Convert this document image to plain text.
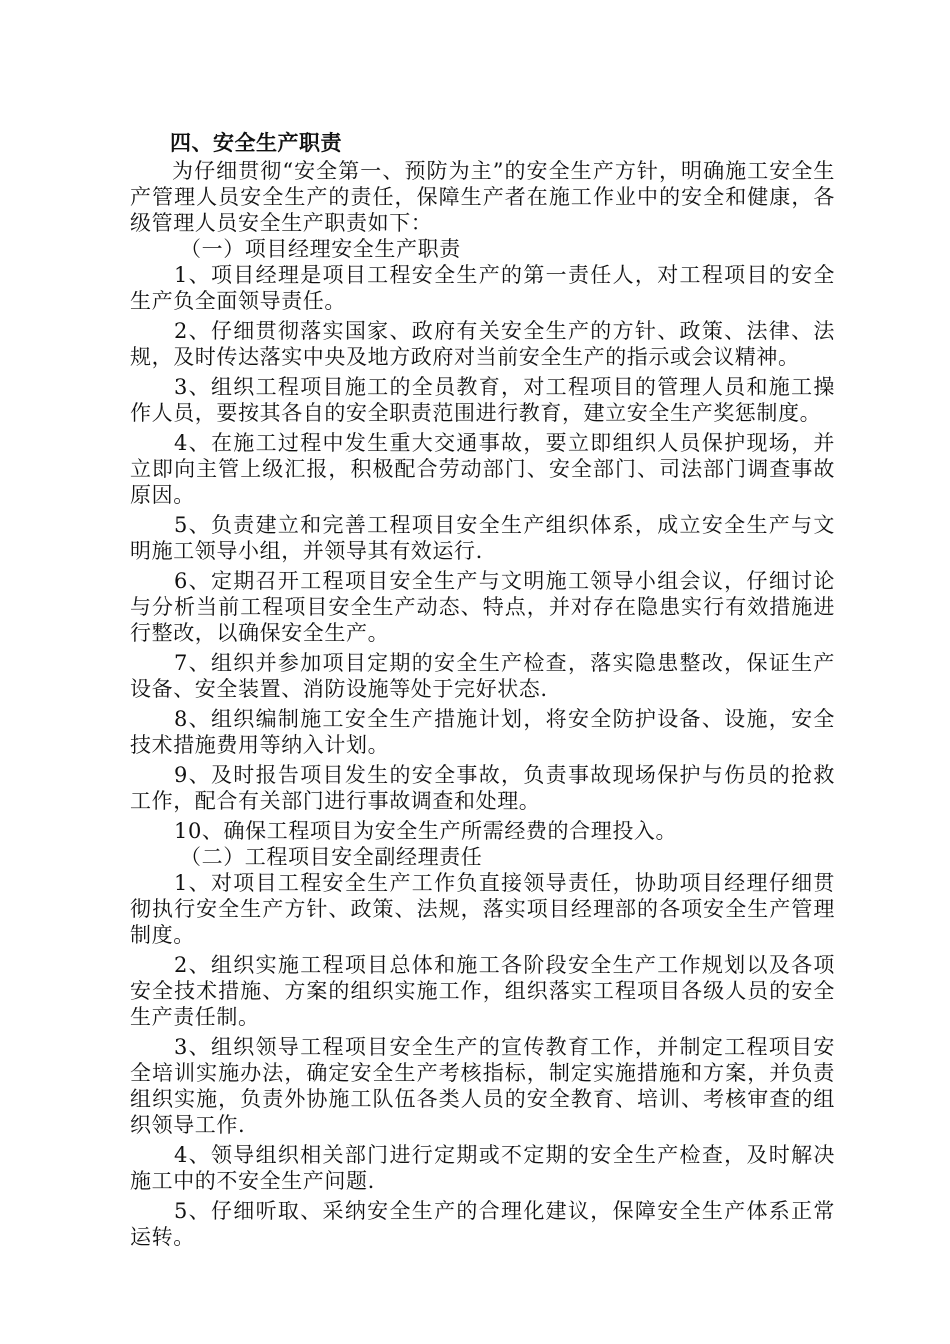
四、安全生产职责

为仔细贯彻“安全第一、预防为主”的安全生产方针，明确施工安全生产管理人员安全生产的责任，保障生产者在施工作业中的安全和健康，各级管理人员安全生产职责如下：

（一）项目经理安全生产职责

1、项目经理是项目工程安全生产的第一责任人，对工程项目的安全生产负全面领导责任。

2、仔细贯彻落实国家、政府有关安全生产的方针、政策、法律、法规，及时传达落实中央及地方政府对当前安全生产的指示或会议精神。

3、组织工程项目施工的全员教育，对工程项目的管理人员和施工操作人员，要按其各自的安全职责范围进行教育，建立安全生产奖惩制度。

4、在施工过程中发生重大交通事故，要立即组织人员保护现场，并立即向主管上级汇报，积极配合劳动部门、安全部门、司法部门调查事故原因。

5、负责建立和完善工程项目安全生产组织体系，成立安全生产与文明施工领导小组，并领导其有效运行.

6、定期召开工程项目安全生产与文明施工领导小组会议，仔细讨论与分析当前工程项目安全生产动态、特点，并对存在隐患实行有效措施进行整改，以确保安全生产。

7、组织并参加项目定期的安全生产检查，落实隐患整改，保证生产设备、安全装置、消防设施等处于完好状态.

8、组织编制施工安全生产措施计划，将安全防护设备、设施，安全技术措施费用等纳入计划。

9、及时报告项目发生的安全事故，负责事故现场保护与伤员的抢救工作，配合有关部门进行事故调查和处理。

10、确保工程项目为安全生产所需经费的合理投入。

（二）工程项目安全副经理责任

1、对项目工程安全生产工作负直接领导责任，协助项目经理仔细贯彻执行安全生产方针、政策、法规，落实项目经理部的各项安全生产管理制度。

2、组织实施工程项目总体和施工各阶段安全生产工作规划以及各项安全技术措施、方案的组织实施工作，组织落实工程项目各级人员的安全生产责任制。

3、组织领导工程项目安全生产的宣传教育工作，并制定工程项目安全培训实施办法，确定安全生产考核指标，制定实施措施和方案，并负责组织实施，负责外协施工队伍各类人员的安全教育、培训、考核审查的组织领导工作.

4、领导组织相关部门进行定期或不定期的安全生产检查，及时解决施工中的不安全生产问题.

5、仔细听取、采纳安全生产的合理化建议，保障安全生产体系正常运转。
